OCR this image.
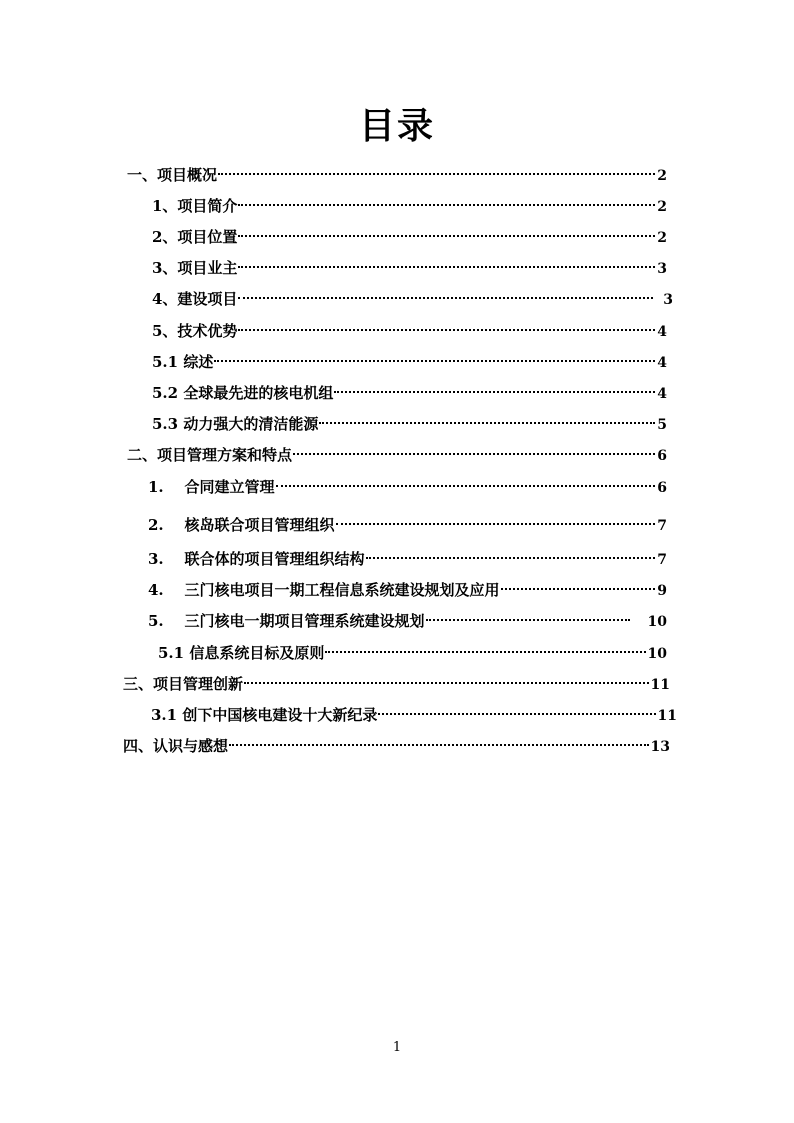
目录
一、项目概况	2
1、项目简介	2
2、项目位置	2
3、项目业主	3
4、建设项目	3
5、技术优势	4
5.1 综述	4
5.2 全球最先进的核电机组	4
5.3 动力强大的清洁能源	5
二、项目管理方案和特点	6
1.    合同建立管理	6
2.    核岛联合项目管理组织	7
3.    联合体的项目管理组织结构	7
4.    三门核电项目一期工程信息系统建设规划及应用	9
5.    三门核电一期项目管理系统建设规划	10
5.1 信息系统目标及原则	10
三、项目管理创新	11
3.1 创下中国核电建设十大新纪录	11
四、认识与感想	13
1
